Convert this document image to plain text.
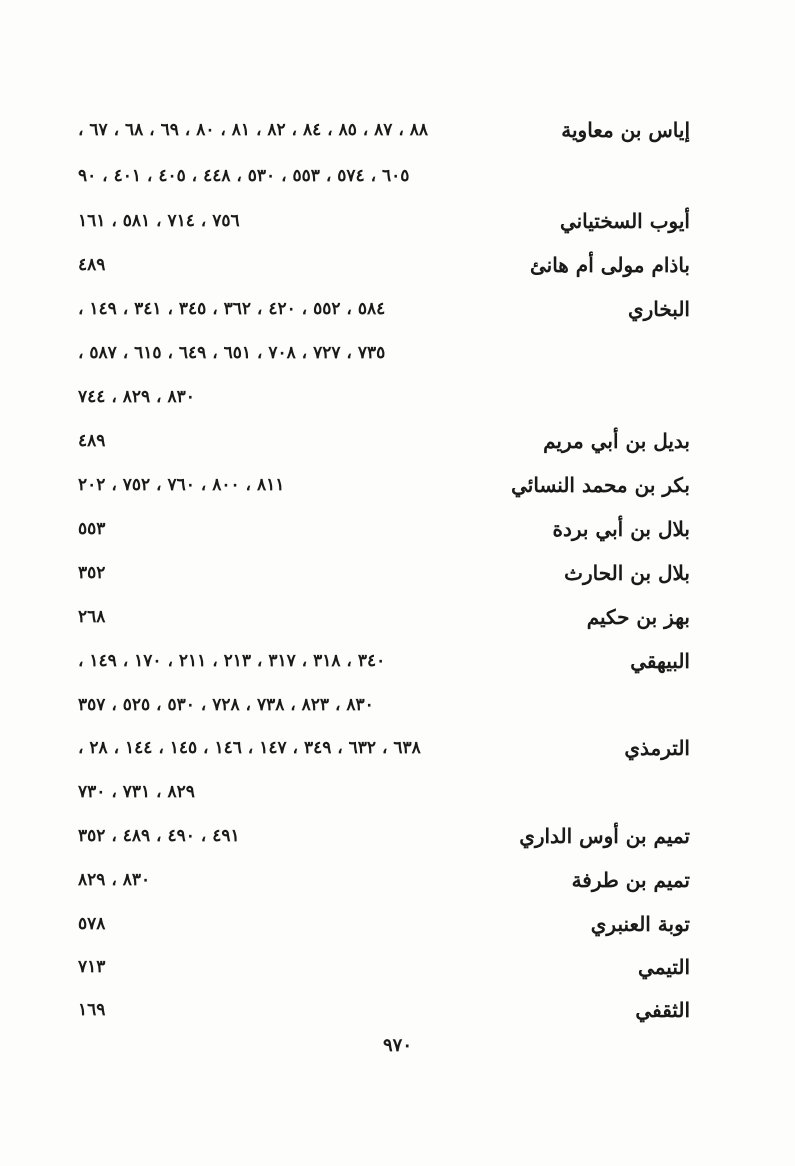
إياس بن معاوية
، ٨٨ ، ٨٧ ، ٨٥ ، ٨٤ ، ٨٢ ، ٨١ ، ٨٠ ، ٦٩ ، ٦٨ ، ٦٧
٦٠٥ ، ٥٧٤ ، ٥٥٣ ، ٥٣٠ ، ٤٤٨ ، ٤٠٥ ، ٤٠١ ، ٩٠
أيوب السختياني
٧٥٦ ، ٧١٤ ، ٥٨١ ، ١٦١
باذام مولى أم هانئ
٤٨٩
البخاري
، ٥٨٤ ، ٥٥٢ ، ٤٢٠ ، ٣٦٢ ، ٣٤٥ ، ٣٤١ ، ١٤٩
، ٧٣٥ ، ٧٢٧ ، ٧٠٨ ، ٦٥١ ، ٦٤٩ ، ٦١٥ ، ٥٨٧
٨٣٠ ، ٨٢٩ ، ٧٤٤
بديل بن أبي مريم
٤٨٩
بكر بن محمد النسائي
٨١١ ، ٨٠٠ ، ٧٦٠ ، ٧٥٢ ، ٢٠٢
بلال بن أبي بردة
٥٥٣
بلال بن الحارث
٣٥٢
بهز بن حكيم
٢٦٨
البيهقي
، ٣٤٠ ، ٣١٨ ، ٣١٧ ، ٢١٣ ، ٢١١ ، ١٧٠ ، ١٤٩
٨٣٠ ، ٨٢٣ ، ٧٣٨ ، ٧٢٨ ، ٥٣٠ ، ٥٢٥ ، ٣٥٧
الترمذي
، ٦٣٨ ، ٦٣٢ ، ٣٤٩ ، ١٤٧ ، ١٤٦ ، ١٤٥ ، ١٤٤ ، ٢٨
٨٢٩ ، ٧٣١ ، ٧٣٠
تميم بن أوس الداري
٤٩١ ، ٤٩٠ ، ٤٨٩ ، ٣٥٢
تميم بن طرفة
٨٣٠ ، ٨٢٩
توبة العنبري
٥٧٨
التيمي
٧١٣
الثقفي
١٦٩
٩٧٠
